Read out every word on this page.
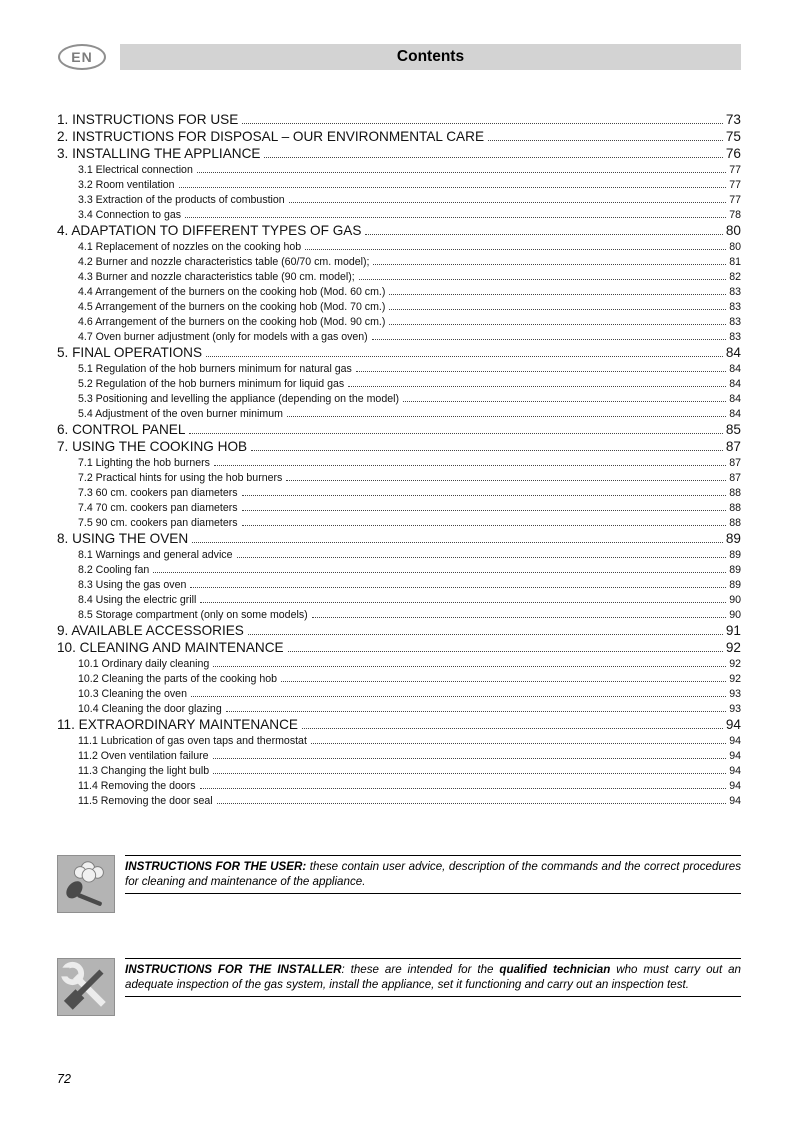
EN	Contents
1. INSTRUCTIONS FOR USE	73
2. INSTRUCTIONS FOR DISPOSAL – OUR ENVIRONMENTAL CARE	75
3. INSTALLING THE APPLIANCE	76
3.1 Electrical connection	77
3.2 Room ventilation	77
3.3 Extraction of the products of combustion	77
3.4 Connection to gas	78
4. ADAPTATION TO DIFFERENT TYPES OF GAS	80
4.1 Replacement of nozzles on the cooking hob	80
4.2 Burner and nozzle characteristics table (60/70 cm. model);	81
4.3 Burner and nozzle characteristics table (90 cm. model);	82
4.4 Arrangement of the burners on the cooking hob (Mod. 60 cm.)	83
4.5 Arrangement of the burners on the cooking hob (Mod. 70 cm.)	83
4.6 Arrangement of the burners on the cooking hob (Mod. 90 cm.)	83
4.7 Oven burner adjustment (only for models with a gas oven)	83
5. FINAL OPERATIONS	84
5.1 Regulation of the hob burners minimum for natural gas	84
5.2 Regulation of the hob burners minimum for liquid gas	84
5.3 Positioning and levelling the appliance (depending on the model)	84
5.4 Adjustment of the oven burner minimum	84
6. CONTROL PANEL	85
7. USING THE COOKING HOB	87
7.1 Lighting the hob burners	87
7.2 Practical hints for using the hob burners	87
7.3 60 cm. cookers pan diameters	88
7.4 70 cm. cookers pan diameters	88
7.5 90 cm. cookers pan diameters	88
8. USING THE OVEN	89
8.1 Warnings and general advice	89
8.2 Cooling fan	89
8.3 Using the gas oven	89
8.4 Using the electric grill	90
8.5 Storage compartment (only on some models)	90
9. AVAILABLE ACCESSORIES	91
10. CLEANING AND MAINTENANCE	92
10.1 Ordinary daily cleaning	92
10.2 Cleaning the parts of the cooking hob	92
10.3 Cleaning the oven	93
10.4 Cleaning the door glazing	93
11. EXTRAORDINARY MAINTENANCE	94
11.1 Lubrication of gas oven taps and thermostat	94
11.2 Oven ventilation failure	94
11.3 Changing the light bulb	94
11.4 Removing the doors	94
11.5 Removing the door seal	94
INSTRUCTIONS FOR THE USER: these contain user advice, description of the commands and the correct procedures for cleaning and maintenance of the appliance.
INSTRUCTIONS FOR THE INSTALLER: these are intended for the qualified technician who must carry out an adequate inspection of the gas system, install the appliance, set it functioning and carry out an inspection test.
72
